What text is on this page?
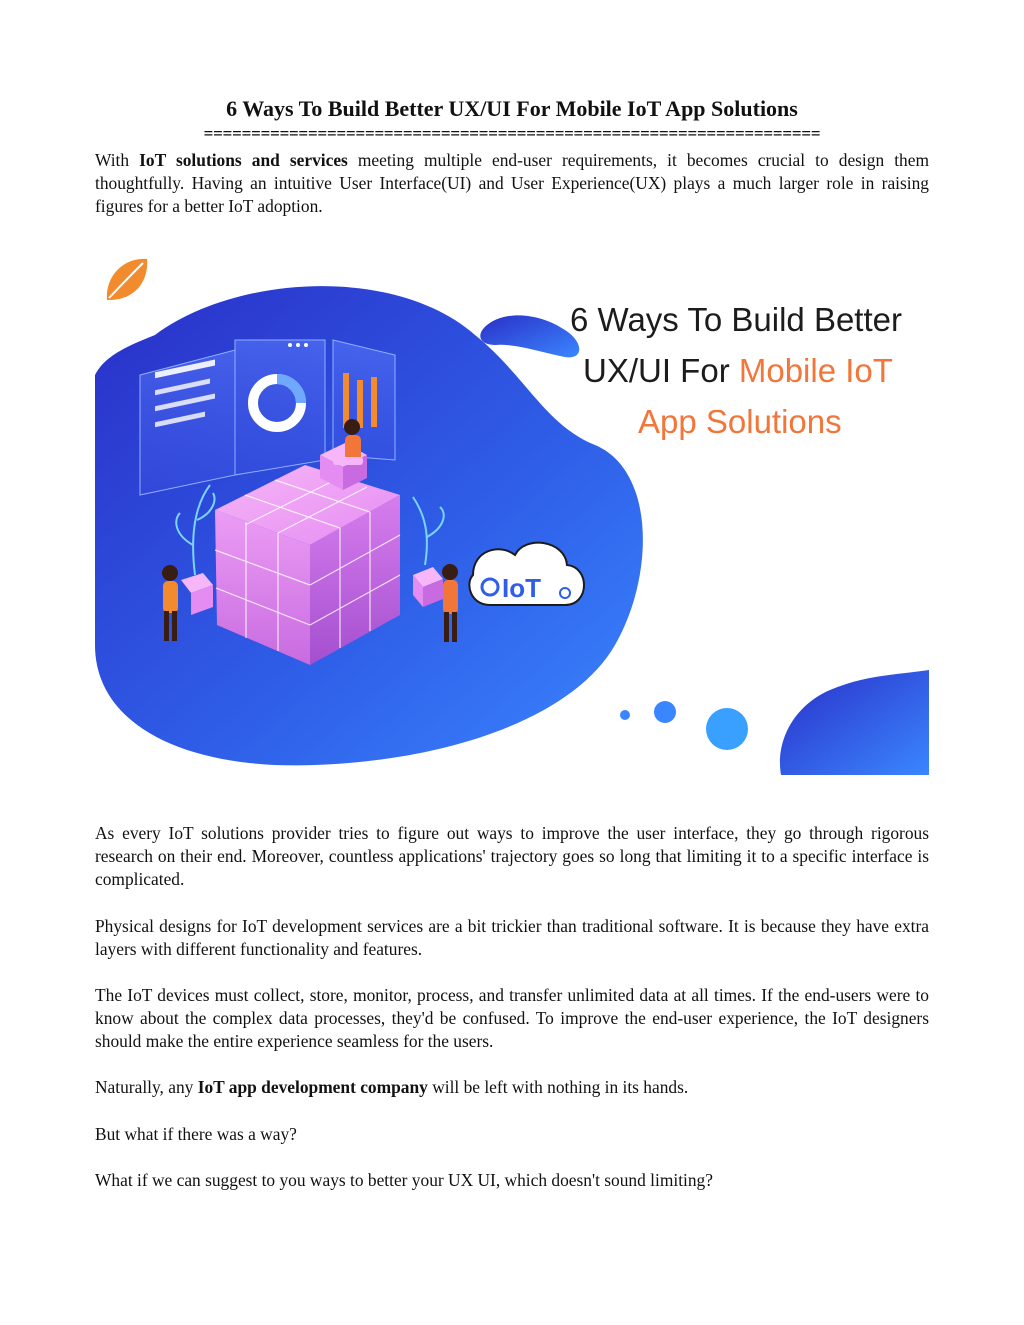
6 Ways To Build Better UX/UI For Mobile IoT App Solutions
=================================================================

With IoT solutions and services meeting multiple end-user requirements, it becomes crucial to design them thoughtfully. Having an intuitive User Interface(UI) and User Experience(UX) plays a much larger role in raising figures for a better IoT adoption.

IoT
6 Ways To Build Better
UX/UI For Mobile IoT
App Solutions

As every IoT solutions provider tries to figure out ways to improve the user interface, they go through rigorous research on their end. Moreover, countless applications' trajectory goes so long that limiting it to a specific interface is complicated.

Physical designs for IoT development services are a bit trickier than traditional software. It is because they have extra layers with different functionality and features.

The IoT devices must collect, store, monitor, process, and transfer unlimited data at all times. If the end-users were to know about the complex data processes, they'd be confused. To improve the end-user experience, the IoT designers should make the entire experience seamless for the users.

Naturally, any IoT app development company will be left with nothing in its hands.

But what if there was a way?

What if we can suggest to you ways to better your UX UI, which doesn't sound limiting?
